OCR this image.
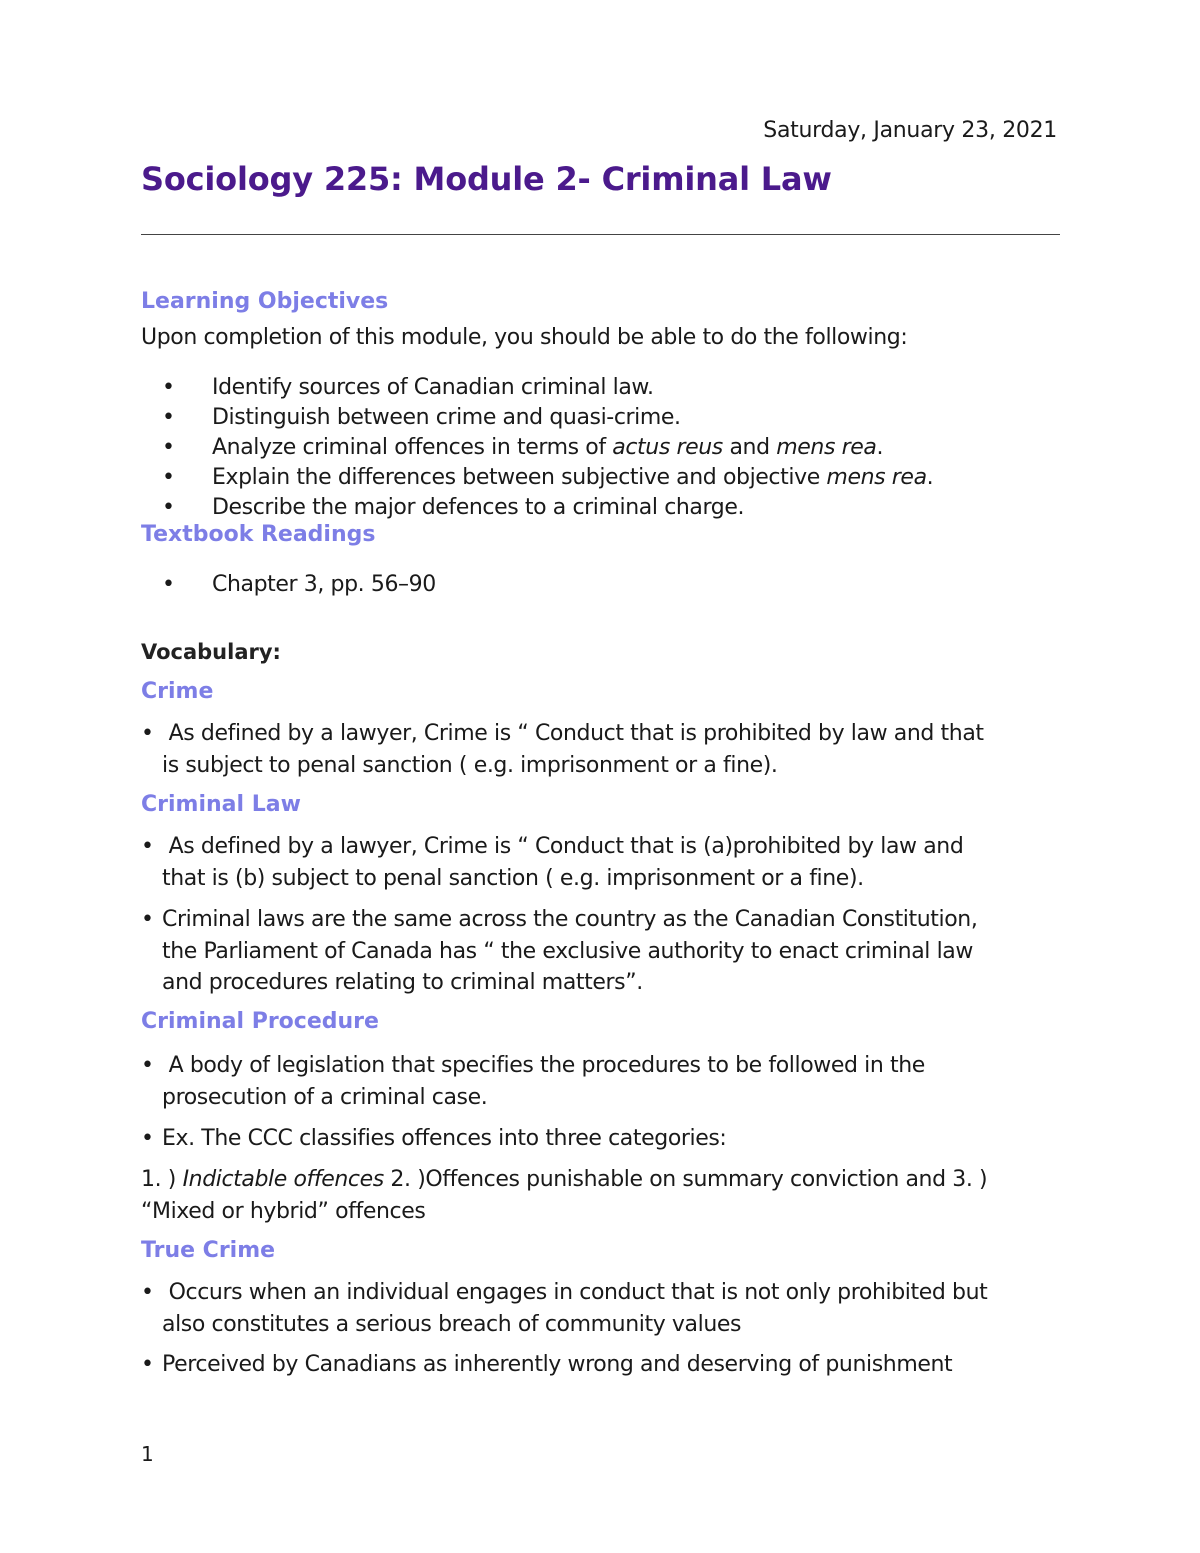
Saturday, January 23, 2021
Sociology 225: Module 2- Criminal Law
Learning Objectives
Upon completion of this module, you should be able to do the following:
• Identify sources of Canadian criminal law.
• Distinguish between crime and quasi-crime.
• Analyze criminal offences in terms of actus reus and mens rea.
• Explain the differences between subjective and objective mens rea.
• Describe the major defences to a criminal charge.
Textbook Readings
• Chapter 3, pp. 56–90
Vocabulary:
Crime
• As defined by a lawyer, Crime is “ Conduct that is prohibited by law and that
is subject to penal sanction ( e.g. imprisonment or a fine).
Criminal Law
• As defined by a lawyer, Crime is “ Conduct that is (a)prohibited by law and
that is (b) subject to penal sanction ( e.g. imprisonment or a fine).
• Criminal laws are the same across the country as the Canadian Constitution,
the Parliament of Canada has “ the exclusive authority to enact criminal law
and procedures relating to criminal matters”.
Criminal Procedure
• A body of legislation that specifies the procedures to be followed in the
prosecution of a criminal case.
• Ex. The CCC classifies offences into three categories:
1. ) Indictable offences 2. )Offences punishable on summary conviction and 3. )
“Mixed or hybrid” offences
True Crime
• Occurs when an individual engages in conduct that is not only prohibited but
also constitutes a serious breach of community values
• Perceived by Canadians as inherently wrong and deserving of punishment
1
